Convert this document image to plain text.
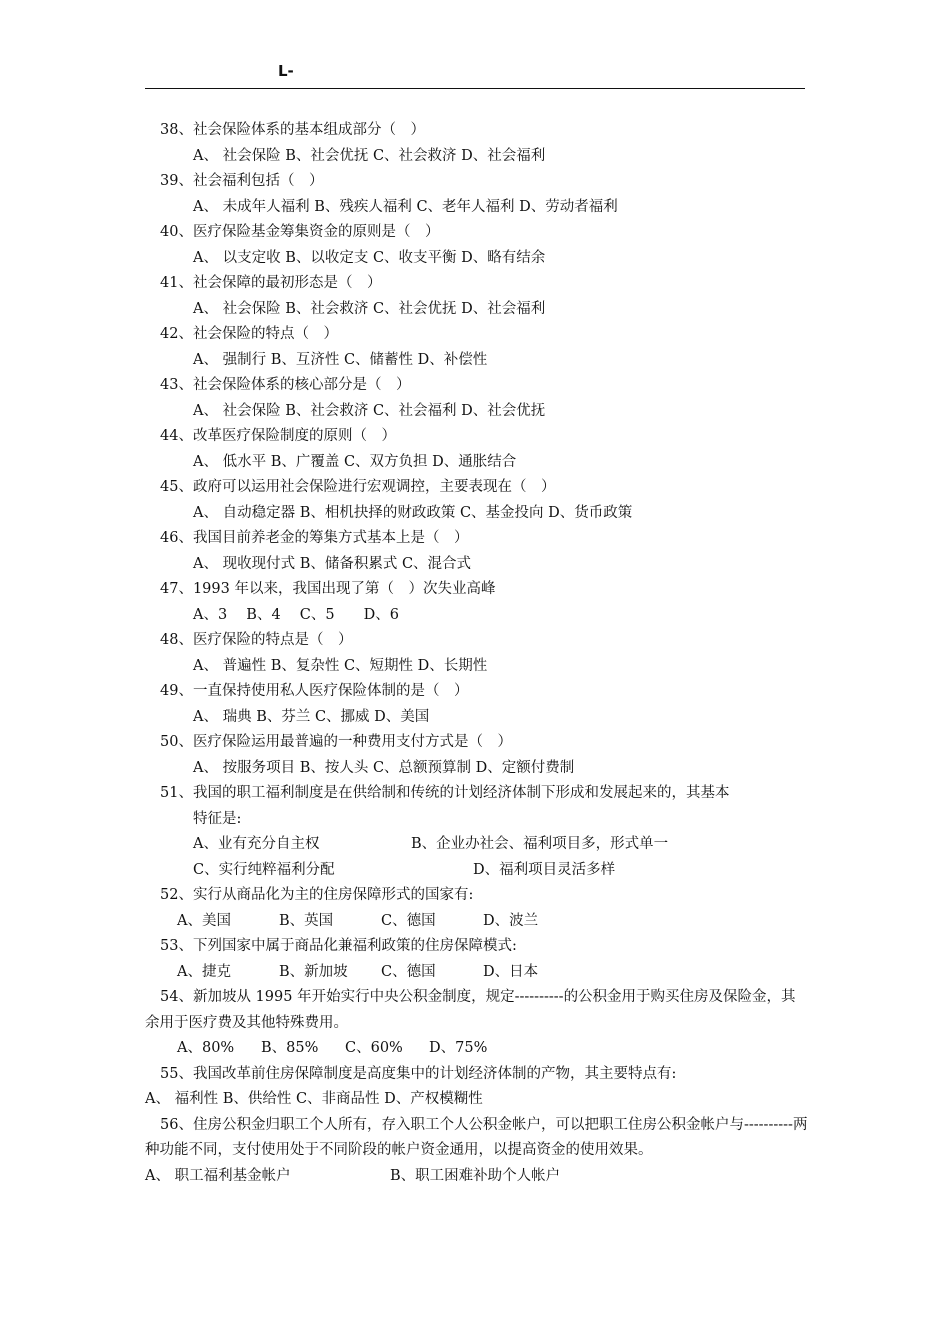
L-
38、社会保险体系的基本组成部分（　）
A、 社会保险 B、社会优抚 C、社会救济 D、社会福利
39、社会福利包括（　）
A、 未成年人福利 B、残疾人福利 C、老年人福利 D、劳动者福利
40、医疗保险基金筹集资金的原则是（　）
A、 以支定收 B、以收定支 C、收支平衡 D、略有结余
41、社会保障的最初形态是（　）
A、 社会保险 B、社会救济 C、社会优抚 D、社会福利
42、社会保险的特点（　）
A、 强制行 B、互济性 C、储蓄性 D、补偿性
43、社会保险体系的核心部分是（　）
A、 社会保险 B、社会救济 C、社会福利 D、社会优抚
44、改革医疗保险制度的原则（　）
A、 低水平 B、广覆盖 C、双方负担 D、通胀结合
45、政府可以运用社会保险进行宏观调控，主要表现在（　）
A、 自动稳定器 B、相机抉择的财政政策 C、基金投向 D、货币政策
46、我国目前养老金的筹集方式基本上是（　）
A、 现收现付式 B、储备积累式 C、混合式
47、1993 年以来，我国出现了第（　）次失业高峰
A、3　 B、4　 C、5　　D、6
48、医疗保险的特点是（　）
A、 普遍性 B、复杂性 C、短期性 D、长期性
49、一直保持使用私人医疗保险体制的是（　）
A、 瑞典 B、芬兰 C、挪威 D、美国
50、医疗保险运用最普遍的一种费用支付方式是（　）
A、 按服务项目 B、按人头 C、总额预算制 D、定额付费制
51、我国的职工福利制度是在供给制和传统的计划经济体制下形成和发展起来的，其基本
特征是:
A、业有充分自主权	B、企业办社会、福利项目多，形式单一
C、实行纯粹福利分配	D、福利项目灵活多样
52、实行从商品化为主的住房保障形式的国家有:
A、美国	B、英国	C、德国	D、波兰
53、下列国家中属于商品化兼福利政策的住房保障模式:
A、捷克	B、新加坡	C、德国	D、日本
54、新加坡从 1995 年开始实行中央公积金制度，规定----------的公积金用于购买住房及保险金，其余用于医疗费及其他特殊费用。
A、80%	B、85%	C、60%	D、75%
55、我国改革前住房保障制度是高度集中的计划经济体制的产物，其主要特点有:
A、 福利性 B、供给性 C、非商品性 D、产权模糊性
56、住房公积金归职工个人所有，存入职工个人公积金帐户，可以把职工住房公积金帐户与----------两种功能不同，支付使用处于不同阶段的帐户资金通用，以提高资金的使用效果。
A、 职工福利基金帐户	B、职工困难补助个人帐户
